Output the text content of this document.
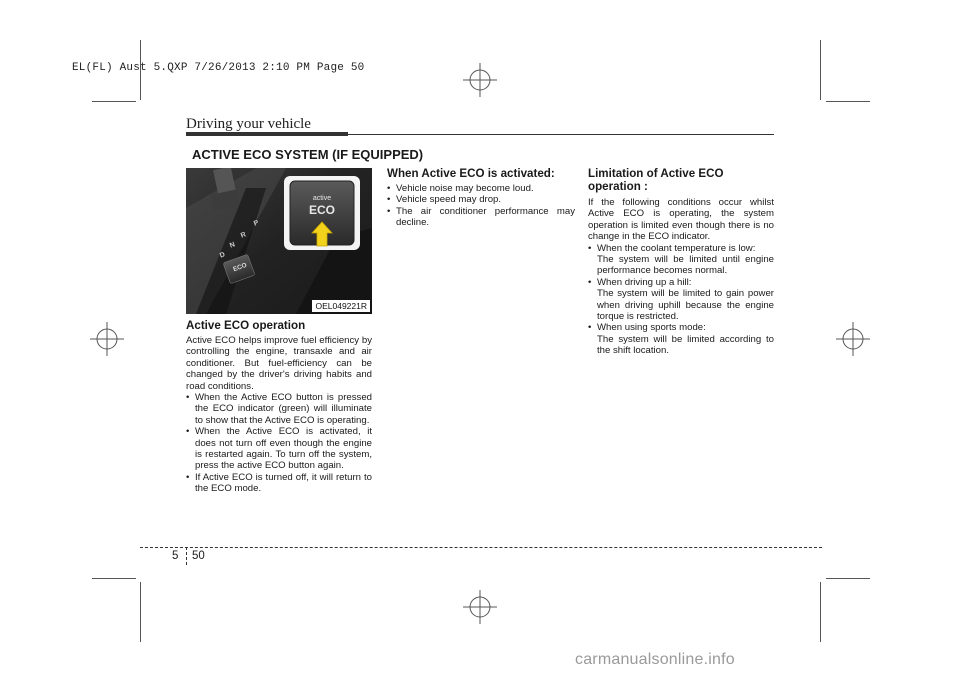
EL(FL) Aust 5.QXP 7/26/2013 2:10 PM Page 50
Driving your vehicle
ACTIVE ECO SYSTEM (IF EQUIPPED)
P
R
N
D
ECO
active
ECO
OEL049221R
Active ECO operation

Active ECO helps improve fuel efficiency by controlling the engine, transaxle and air conditioner. But fuel-efficiency can be changed by the driver's driving habits and road conditions.

• When the Active ECO button is pressed the ECO indicator (green) will illuminate to show that the Active ECO is operating.
• When the Active ECO is activated, it does not turn off even though the engine is restarted again. To turn off the system, press the active ECO button again.
• If Active ECO is turned off, it will return to the ECO mode.
When Active ECO is activated:
• Vehicle noise may become loud.
• Vehicle speed may drop.
• The air conditioner performance may decline.
Limitation of Active ECO operation :

If the following conditions occur whilst Active ECO is operating, the system operation is limited even though there is no change in the ECO indicator.

• When the coolant temperature is low:
The system will be limited until engine performance becomes normal.
• When driving up a hill:
The system will be limited to gain power when driving uphill because the engine torque is restricted.
• When using sports mode:
The system will be limited according to the shift location.
5 50
carmanualsonline.info
